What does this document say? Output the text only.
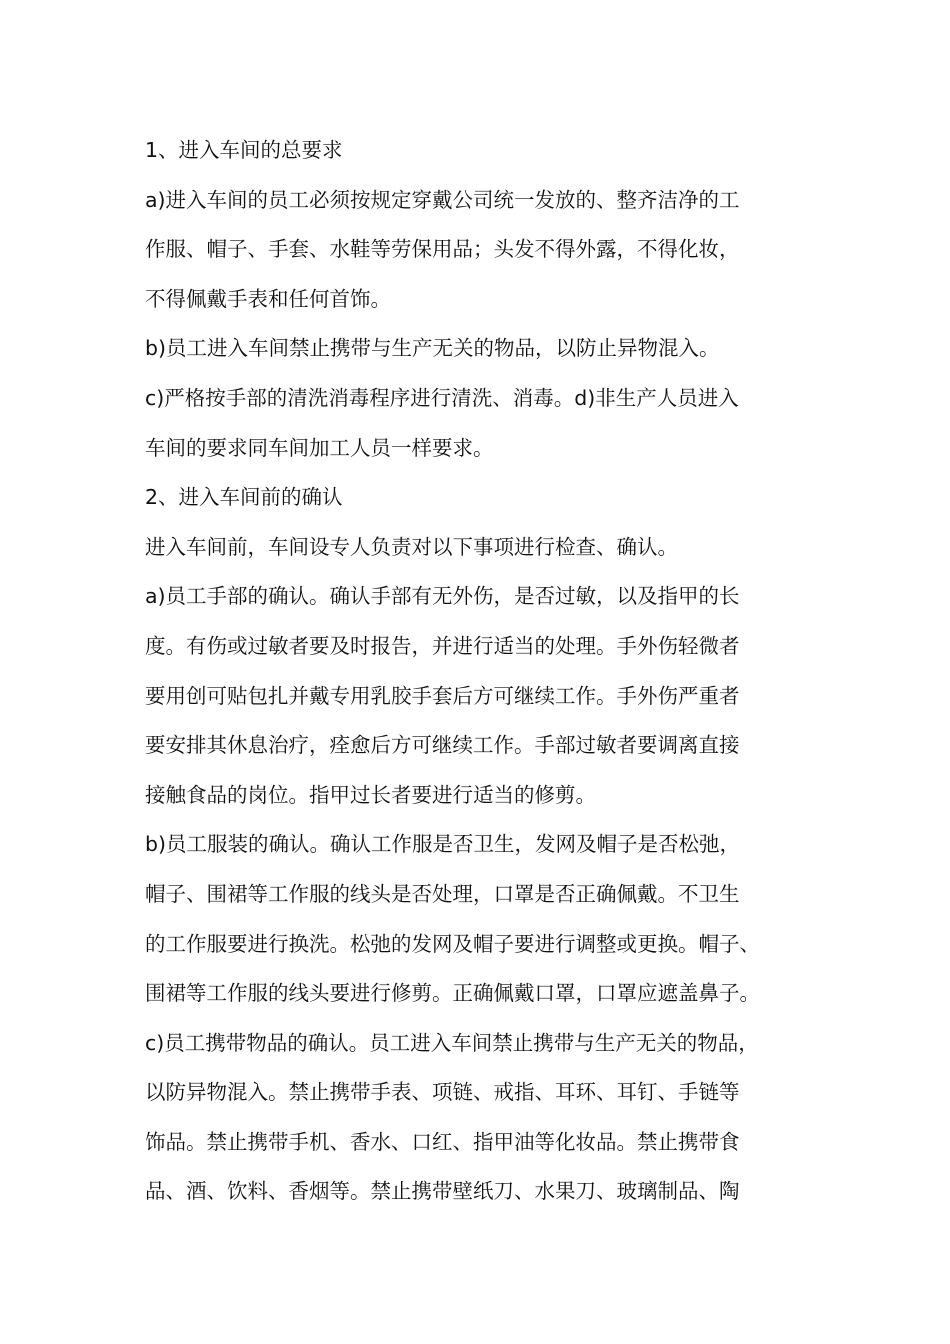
1、进入车间的总要求
a)进入车间的员工必须按规定穿戴公司统一发放的、整齐洁净的工
作服、帽子、手套、水鞋等劳保用品；头发不得外露，不得化妆，
不得佩戴手表和任何首饰。
b)员工进入车间禁止携带与生产无关的物品，以防止异物混入。
c)严格按手部的清洗消毒程序进行清洗、消毒。d)非生产人员进入
车间的要求同车间加工人员一样要求。
2、进入车间前的确认
进入车间前，车间设专人负责对以下事项进行检查、确认。
a)员工手部的确认。确认手部有无外伤，是否过敏，以及指甲的长
度。有伤或过敏者要及时报告，并进行适当的处理。手外伤轻微者
要用创可贴包扎并戴专用乳胶手套后方可继续工作。手外伤严重者
要安排其休息治疗，痊愈后方可继续工作。手部过敏者要调离直接
接触食品的岗位。指甲过长者要进行适当的修剪。
b)员工服装的确认。确认工作服是否卫生，发网及帽子是否松弛，
帽子、围裙等工作服的线头是否处理，口罩是否正确佩戴。不卫生
的工作服要进行换洗。松弛的发网及帽子要进行调整或更换。帽子、
围裙等工作服的线头要进行修剪。正确佩戴口罩，口罩应遮盖鼻子。
c)员工携带物品的确认。员工进入车间禁止携带与生产无关的物品，
以防异物混入。禁止携带手表、项链、戒指、耳环、耳钉、手链等
饰品。禁止携带手机、香水、口红、指甲油等化妆品。禁止携带食
品、酒、饮料、香烟等。禁止携带壁纸刀、水果刀、玻璃制品、陶
